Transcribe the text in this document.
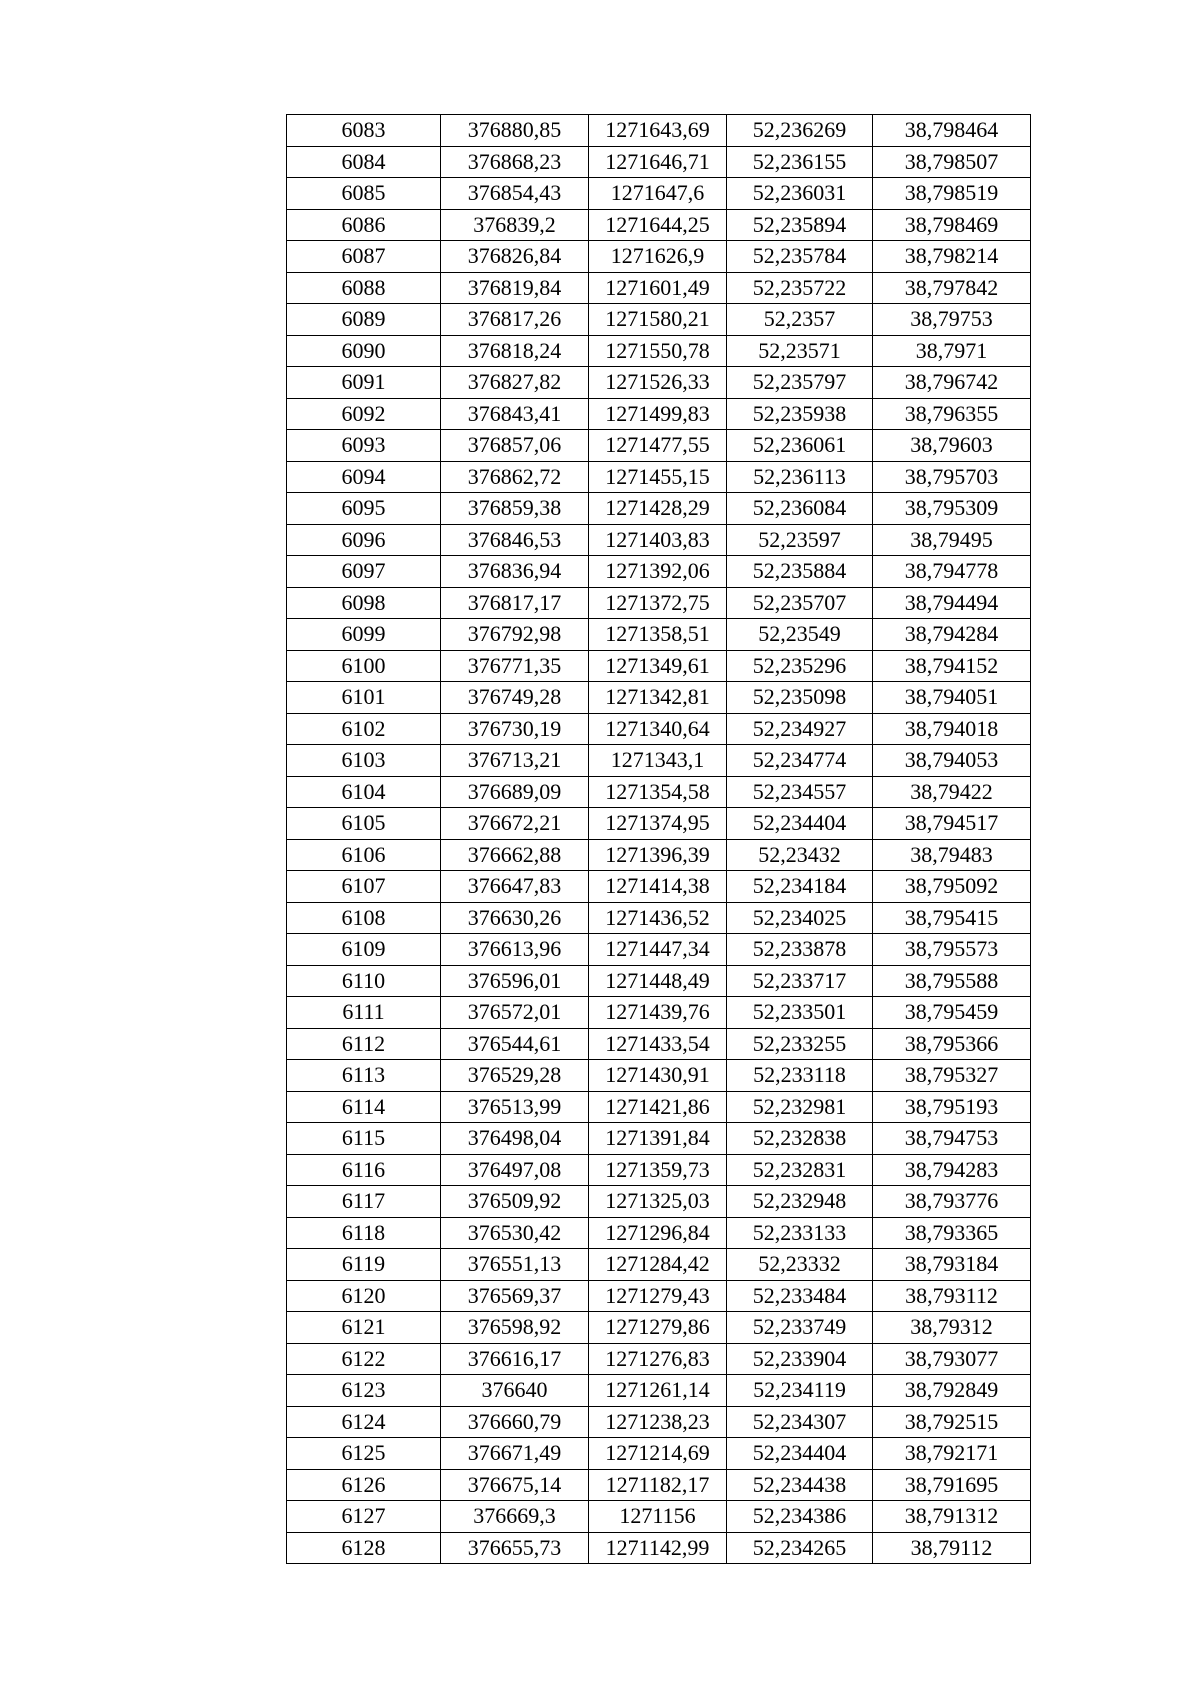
6083	376880,85	1271643,69	52,236269	38,798464
6084	376868,23	1271646,71	52,236155	38,798507
6085	376854,43	1271647,6	52,236031	38,798519
6086	376839,2	1271644,25	52,235894	38,798469
6087	376826,84	1271626,9	52,235784	38,798214
6088	376819,84	1271601,49	52,235722	38,797842
6089	376817,26	1271580,21	52,2357	38,79753
6090	376818,24	1271550,78	52,23571	38,7971
6091	376827,82	1271526,33	52,235797	38,796742
6092	376843,41	1271499,83	52,235938	38,796355
6093	376857,06	1271477,55	52,236061	38,79603
6094	376862,72	1271455,15	52,236113	38,795703
6095	376859,38	1271428,29	52,236084	38,795309
6096	376846,53	1271403,83	52,23597	38,79495
6097	376836,94	1271392,06	52,235884	38,794778
6098	376817,17	1271372,75	52,235707	38,794494
6099	376792,98	1271358,51	52,23549	38,794284
6100	376771,35	1271349,61	52,235296	38,794152
6101	376749,28	1271342,81	52,235098	38,794051
6102	376730,19	1271340,64	52,234927	38,794018
6103	376713,21	1271343,1	52,234774	38,794053
6104	376689,09	1271354,58	52,234557	38,79422
6105	376672,21	1271374,95	52,234404	38,794517
6106	376662,88	1271396,39	52,23432	38,79483
6107	376647,83	1271414,38	52,234184	38,795092
6108	376630,26	1271436,52	52,234025	38,795415
6109	376613,96	1271447,34	52,233878	38,795573
6110	376596,01	1271448,49	52,233717	38,795588
6111	376572,01	1271439,76	52,233501	38,795459
6112	376544,61	1271433,54	52,233255	38,795366
6113	376529,28	1271430,91	52,233118	38,795327
6114	376513,99	1271421,86	52,232981	38,795193
6115	376498,04	1271391,84	52,232838	38,794753
6116	376497,08	1271359,73	52,232831	38,794283
6117	376509,92	1271325,03	52,232948	38,793776
6118	376530,42	1271296,84	52,233133	38,793365
6119	376551,13	1271284,42	52,23332	38,793184
6120	376569,37	1271279,43	52,233484	38,793112
6121	376598,92	1271279,86	52,233749	38,79312
6122	376616,17	1271276,83	52,233904	38,793077
6123	376640	1271261,14	52,234119	38,792849
6124	376660,79	1271238,23	52,234307	38,792515
6125	376671,49	1271214,69	52,234404	38,792171
6126	376675,14	1271182,17	52,234438	38,791695
6127	376669,3	1271156	52,234386	38,791312
6128	376655,73	1271142,99	52,234265	38,79112
